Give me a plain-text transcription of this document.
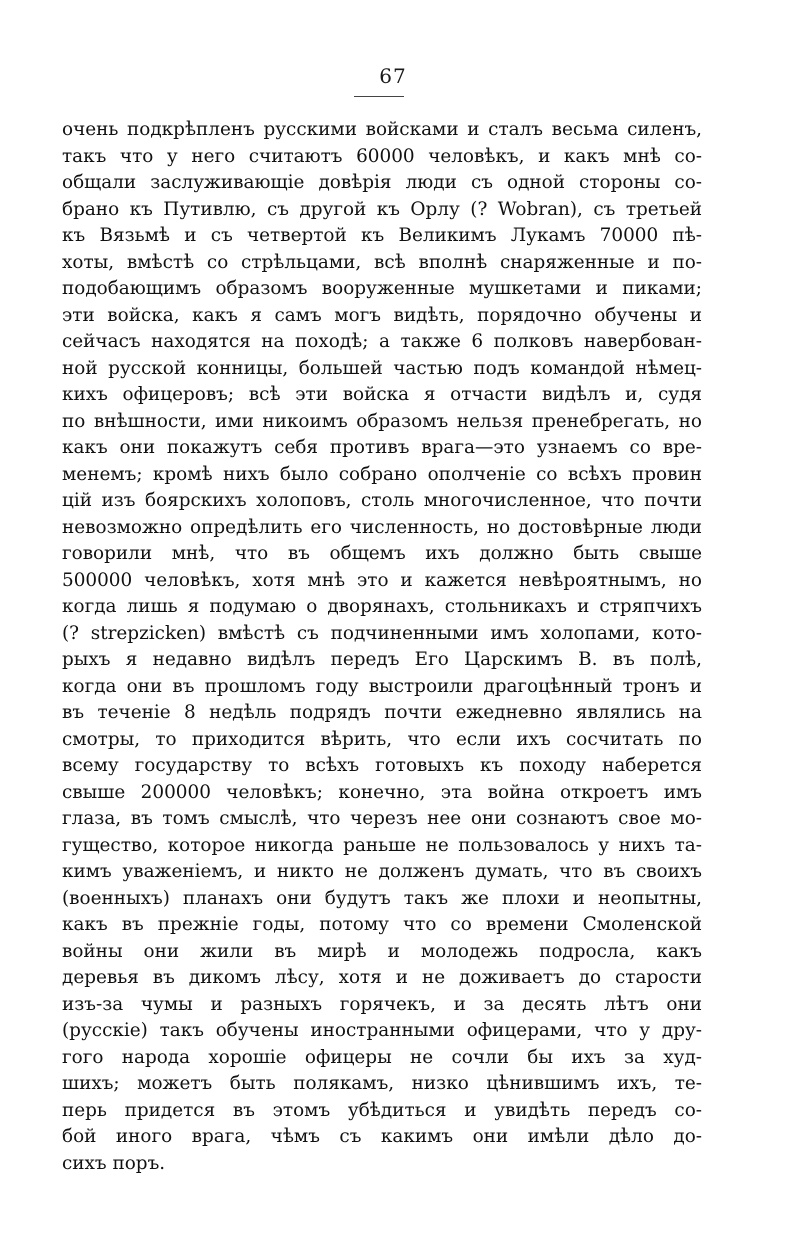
67
очень подкрѣпленъ русскими войсками и сталъ весьма силенъ,
такъ что у него считаютъ 60000 человѣкъ, и какъ мнѣ со-
общали заслуживающіе довѣрія люди съ одной стороны со-
брано къ Путивлю, съ другой къ Орлу (? Wobran), съ третьей
къ Вязьмѣ и съ четвертой къ Великимъ Лукамъ 70000 пѣ-
хоты, вмѣстѣ со стрѣльцами, всѣ вполнѣ снаряженные и по-
подобающимъ образомъ вооруженные мушкетами и пиками;
эти войска, какъ я самъ могъ видѣть, порядочно обучены и
сейчасъ находятся на походѣ; а также 6 полковъ навербован-
ной русской конницы, большей частью подъ командой нѣмец-
кихъ офицеровъ; всѣ эти войска я отчасти видѣлъ и, судя
по внѣшности, ими никоимъ образомъ нельзя пренебрегать, но
какъ они покажутъ себя противъ врага—это узнаемъ со вре-
менемъ; кромѣ нихъ было собрано ополченіе со всѣхъ провин
цій изъ боярскихъ холоповъ, столь многочисленное, что почти
невозможно опредѣлить его численность, но достовѣрные люди
говорили мнѣ, что въ общемъ ихъ должно быть свыше
500000 человѣкъ, хотя мнѣ это и кажется невѣроятнымъ, но
когда лишь я подумаю о дворянахъ, стольникахъ и стряпчихъ
(? strepzicken) вмѣстѣ съ подчиненными имъ холопами, кото-
рыхъ я недавно видѣлъ передъ Его Царскимъ В. въ полѣ,
когда они въ прошломъ году выстроили драгоцѣнный тронъ и
въ теченіе 8 недѣль подрядъ почти ежедневно являлись на
смотры, то приходится вѣрить, что если ихъ сосчитать по
всему государству то всѣхъ готовыхъ къ походу наберется
свыше 200000 человѣкъ; конечно, эта война откроетъ имъ
глаза, въ томъ смыслѣ, что черезъ нее они сознаютъ свое мо-
гущество, которое никогда раньше не пользовалось у нихъ та-
кимъ уваженіемъ, и никто не долженъ думать, что въ своихъ
(военныхъ) планахъ они будутъ такъ же плохи и неопытны,
какъ въ прежніе годы, потому что со времени Смоленской
войны они жили въ мирѣ и молодежь подросла, какъ
деревья въ дикомъ лѣсу, хотя и не доживаетъ до старости
изъ-за чумы и разныхъ горячекъ, и за десять лѣтъ они
(русскіе) такъ обучены иностранными офицерами, что у дру-
гого народа хорошіе офицеры не сочли бы ихъ за худ-
шихъ; можетъ быть полякамъ, низко цѣнившимъ ихъ, те-
перь придется въ этомъ убѣдиться и увидѣть передъ со-
бой иного врага, чѣмъ съ какимъ они имѣли дѣло до-
сихъ поръ.
